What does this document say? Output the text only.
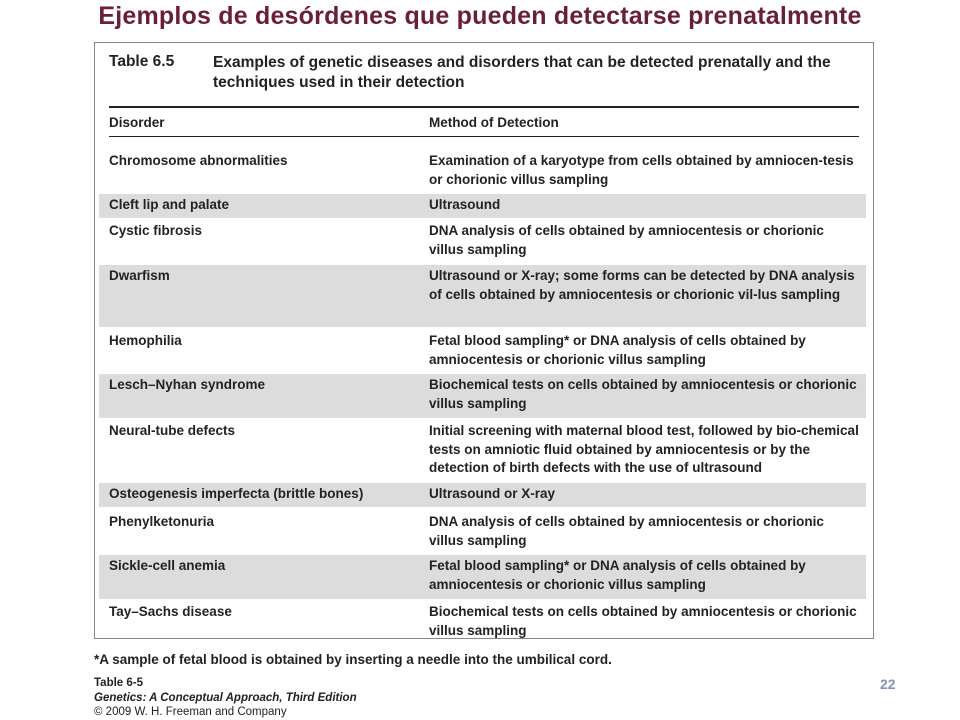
Ejemplos de desórdenes que pueden detectarse prenatalmente
Table 6.5	Examples of genetic diseases and disorders that can be detected prenatally and the techniques used in their detection
Disorder	Method of Detection
Chromosome abnormalities	Examination of a karyotype from cells obtained by amniocen-tesis or chorionic villus sampling
Cleft lip and palate	Ultrasound
Cystic fibrosis	DNA analysis of cells obtained by amniocentesis or chorionic villus sampling
Dwarfism	Ultrasound or X-ray; some forms can be detected by DNA analysis of cells obtained by amniocentesis or chorionic vil-lus sampling
Hemophilia	Fetal blood sampling* or DNA analysis of cells obtained by amniocentesis or chorionic villus sampling
Lesch–Nyhan syndrome	Biochemical tests on cells obtained by amniocentesis or chorionic villus sampling
Neural-tube defects	Initial screening with maternal blood test, followed by bio-chemical tests on amniotic fluid obtained by amniocentesis or by the detection of birth defects with the use of ultrasound
Osteogenesis imperfecta (brittle bones)	Ultrasound or X-ray
Phenylketonuria	DNA analysis of cells obtained by amniocentesis or chorionic villus sampling
Sickle-cell anemia	Fetal blood sampling* or DNA analysis of cells obtained by amniocentesis or chorionic villus sampling
Tay–Sachs disease	Biochemical tests on cells obtained by amniocentesis or chorionic villus sampling
*A sample of fetal blood is obtained by inserting a needle into the umbilical cord.
Table 6-5
Genetics: A Conceptual Approach, Third Edition
© 2009 W. H. Freeman and Company
22
